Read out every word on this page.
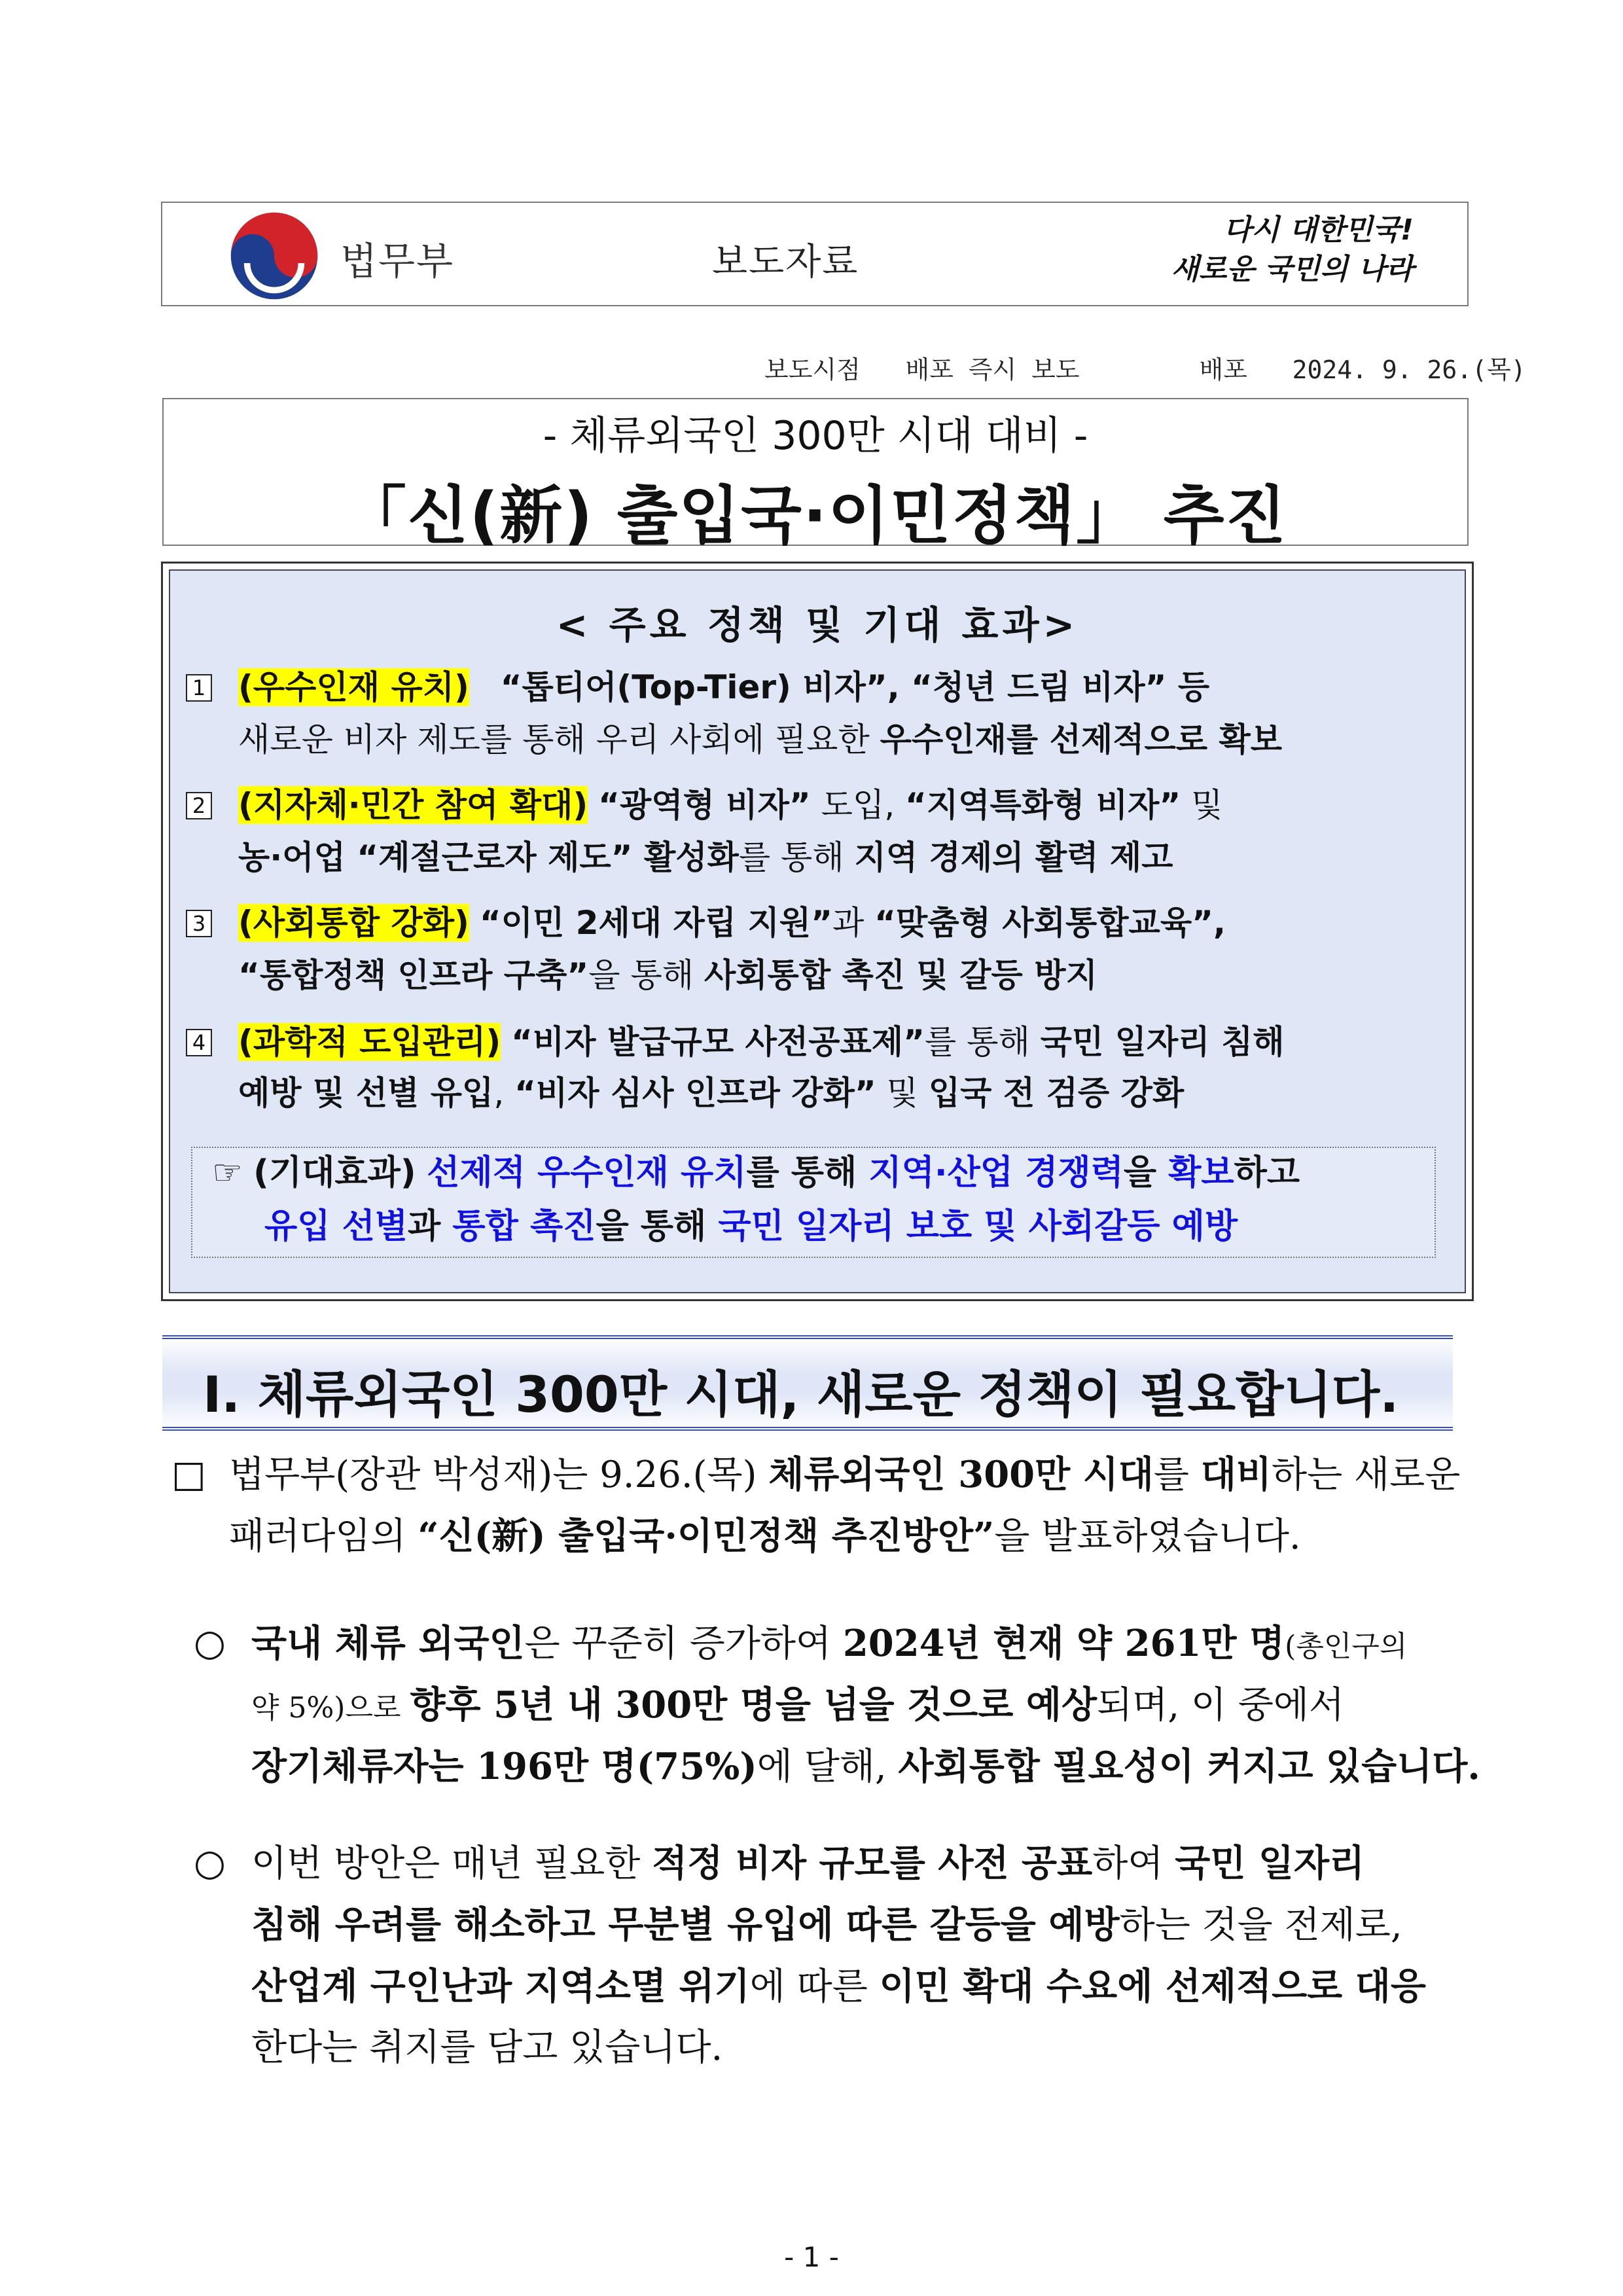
법무부	보도자료
다시 대한민국!
새로운 국민의 나라
보도시점 배포 즉시 보도	배포 2024. 9. 26.(목)
- 체류외국인 300만 시대 대비 -
「신(新) 출입국·이민정책」 추진
< 주요 정책 및 기대 효과>
1 (우수인재 유치) “톱티어(Top-Tier) 비자”, “청년 드림 비자” 등
새로운 비자 제도를 통해 우리 사회에 필요한 우수인재를 선제적으로 확보
2 (지자체·민간 참여 확대) “광역형 비자” 도입, “지역특화형 비자” 및
농·어업 “계절근로자 제도” 활성화를 통해 지역 경제의 활력 제고
3 (사회통합 강화) “이민 2세대 자립 지원”과 “맞춤형 사회통합교육”,
“통합정책 인프라 구축”을 통해 사회통합 촉진 및 갈등 방지
4 (과학적 도입관리) “비자 발급규모 사전공표제”를 통해 국민 일자리 침해
예방 및 선별 유입, “비자 심사 인프라 강화” 및 입국 전 검증 강화
☞ (기대효과) 선제적 우수인재 유치를 통해 지역·산업 경쟁력을 확보하고
유입 선별과 통합 촉진을 통해 국민 일자리 보호 및 사회갈등 예방
Ⅰ. 체류외국인 300만 시대, 새로운 정책이 필요합니다.
□ 법무부(장관 박성재)는 9.26.(목) 체류외국인 300만 시대를 대비하는 새로운
패러다임의 “신(新) 출입국·이민정책 추진방안”을 발표하였습니다.
○ 국내 체류 외국인은 꾸준히 증가하여 2024년 현재 약 261만 명(총인구의
약 5%)으로 향후 5년 내 300만 명을 넘을 것으로 예상되며, 이 중에서
장기체류자는 196만 명(75%)에 달해, 사회통합 필요성이 커지고 있습니다.
○ 이번 방안은 매년 필요한 적정 비자 규모를 사전 공표하여 국민 일자리
침해 우려를 해소하고 무분별 유입에 따른 갈등을 예방하는 것을 전제로,
산업계 구인난과 지역소멸 위기에 따른 이민 확대 수요에 선제적으로 대응
한다는 취지를 담고 있습니다.
- 1 -
